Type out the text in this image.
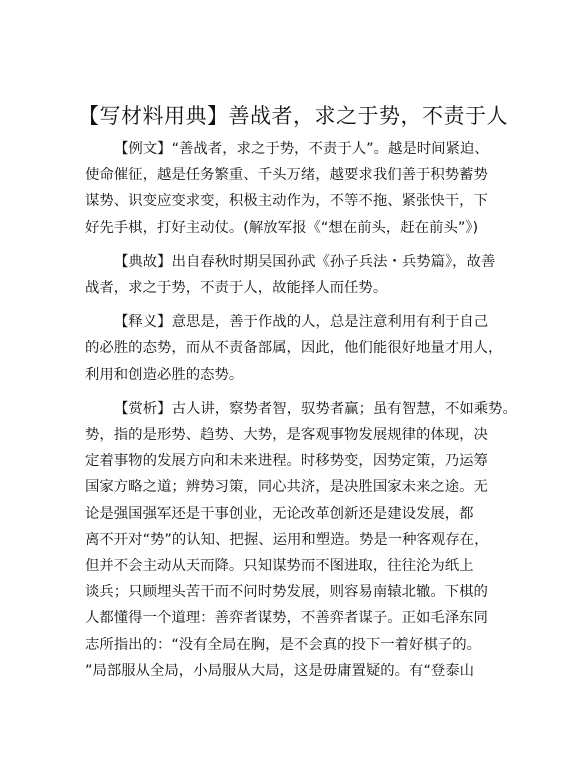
【写材料用典】善战者，求之于势，不责于人
【例文】“善战者，求之于势，不责于人”。越是时间紧迫、
使命催征，越是任务繁重、千头万绪，越要求我们善于积势蓄势
谋势、识变应变求变，积极主动作为，不等不拖、紧张快干，下
好先手棋，打好主动仗。(解放军报《“想在前头，赶在前头”》)
【典故】出自春秋时期吴国孙武《孙子兵法・兵势篇》，故善
战者，求之于势，不责于人，故能择人而任势。
【释义】意思是，善于作战的人，总是注意利用有利于自己
的必胜的态势，而从不责备部属，因此，他们能很好地量才用人，
利用和创造必胜的态势。
【赏析】古人讲，察势者智，驭势者赢；虽有智慧，不如乘势。
势，指的是形势、趋势、大势，是客观事物发展规律的体现，决
定着事物的发展方向和未来进程。时移势变，因势定策，乃运筹
国家方略之道；辨势习策，同心共济，是决胜国家未来之途。无
论是强国强军还是干事创业，无论改革创新还是建设发展，都
离不开对“势”的认知、把握、运用和塑造。势是一种客观存在，
但并不会主动从天而降。只知谋势而不图进取，往往沦为纸上
谈兵；只顾埋头苦干而不问时势发展，则容易南辕北辙。下棋的
人都懂得一个道理：善弈者谋势，不善弈者谋子。正如毛泽东同
志所指出的：“没有全局在胸，是不会真的投下一着好棋子的。
”局部服从全局，小局服从大局，这是毋庸置疑的。有“登泰山
